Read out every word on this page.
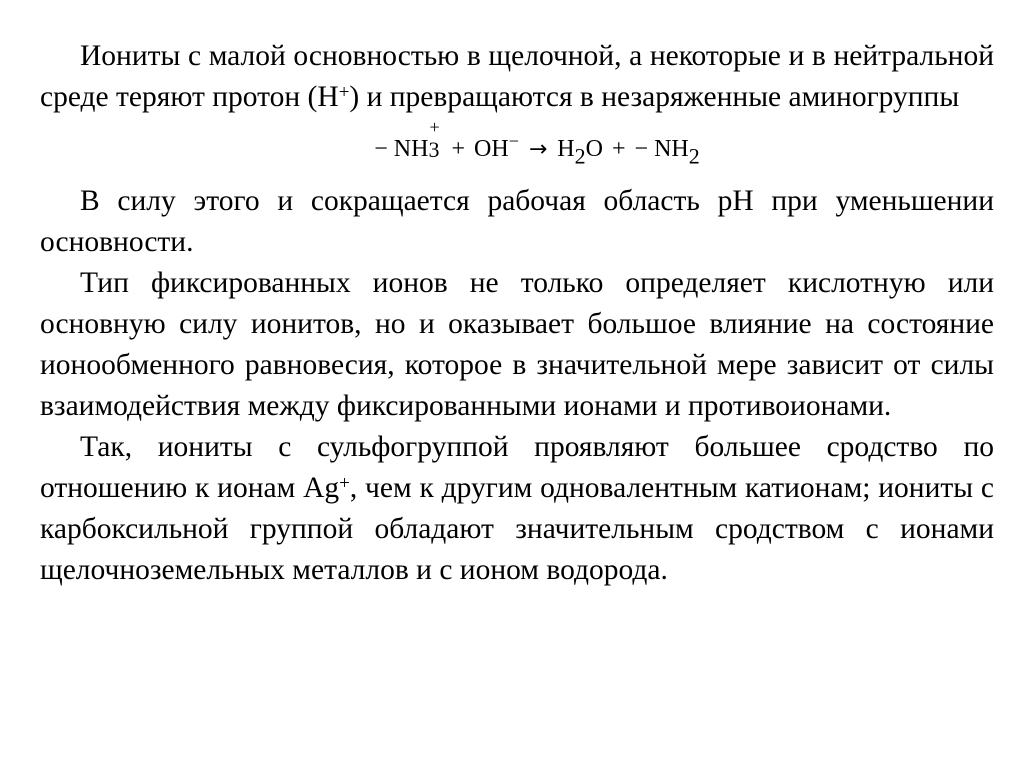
Иониты с малой основностью в щелочной, а некоторые и в нейтральной среде теряют протон (Н+) и превращаются в незаряженные аминогруппы

− NH
+
3 + OH− → H2O + − NH2

В силу этого и сокращается рабочая область рН при уменьшении основности.

Тип фиксированных ионов не только определяет кислотную или основную силу ионитов, но и оказывает большое влияние на состояние ионообменного равновесия, которое в значительной мере зависит от силы взаимодействия между фиксированными ионами и противоионами.

Так, иониты с сульфогруппой проявляют большее сродство по отношению к ионам Ag+, чем к другим одновалентным катионам; иониты с карбоксильной группой обладают значительным сродством с ионами щелочноземельных металлов и с ионом водорода.
